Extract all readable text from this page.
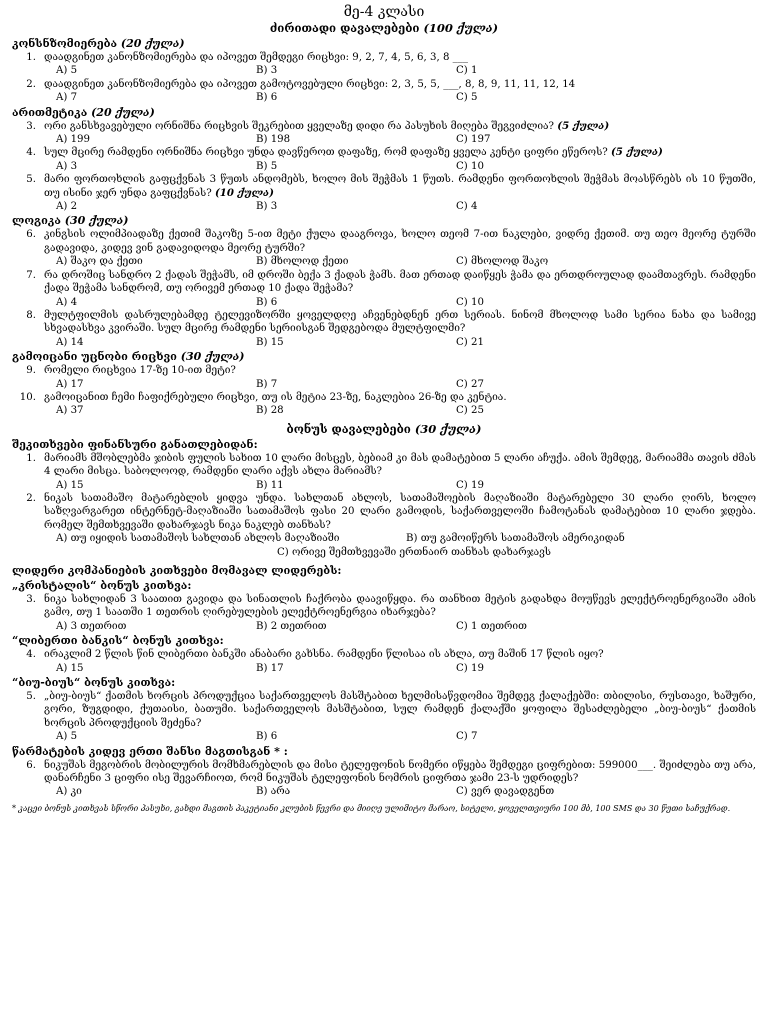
მე-4 კლასი
ძირითადი დავალებები (100 ქულა)
კონსნზომიერება (20 ქულა)
1. დაადგინეთ კანონზომიერება და იპოვეთ შემდეგი რიცხვი: 9, 2, 7, 4, 5, 6, 3, 8 ___
A) 5	B) 3	C) 1
2. დაადგინეთ კანონზომიერება და იპოვეთ გამოტოვებული რიცხვი: 2, 3, 5, 5, ___, 8, 8, 9, 11, 11, 12, 14
A) 7	B) 6	C) 5
არითმეტიკა (20 ქულა)
3. ორი განსხვავებული ორნიშნა რიცხვის შეკრებით ყველაზე დიდი რა პასუხის მიღება შეგვიძლია? (5 ქულა)
A) 199	B) 198	C) 197
4. სულ მცირე რამდენი ორნიშნა რიცხვი უნდა დავწეროთ დაფაზე, რომ დაფაზე ყველა კენტი ციფრი ეწეროს? (5 ქულა)
A) 3	B) 5	C) 10
5. მარი ფორთოხლის გაფცქვნას 3 წუთს ანდომებს, ხოლო მის შეჭმას 1 წუთს. რამდენი ფორთოხლის შეჭმას მოასწრებს ის 10 წუთში, თუ ისინი ჯერ უნდა გაფცქვნას? (10 ქულა)
A) 2	B) 3	C) 4
ლოგიკა (30 ქულა)
6. კინგსის ოლიმპიადაზე ქეთიმ შაკოზე 5-ით მეტი ქულა დააგროვა, ხოლო თეომ 7-ით ნაკლები, ვიდრე ქეთიმ. თუ თეო მეორე ტურში გადავიდა, კიდევ ვინ გადავიდოდა მეორე ტურში?
A) შაკო და ქეთი	B) მხოლოდ ქეთი	C) მხოლოდ შაკო
7. რა დროშიც სანდრო 2 ქადას შეჭამს, იმ დროში ბექა 3 ქადას ჭამს. მათ ერთად დაიწყეს ჭამა და ერთდროულად დაამთავრეს. რამდენი ქადა შეჭამა სანდრომ, თუ ორივემ ერთად 10 ქადა შეჭამა?
A) 4	B) 6	C) 10
8. მულტფილმის დასრულებამდე ტელევიზორში ყოველდღე აჩვენებდნენ ერთ სერიას. ნინომ მხოლოდ სამი სერია ნახა და სამივე სხვადასხვა კვირაში. სულ მცირე რამდენი სერიისგან შედგებოდა მულტფილმი?
A) 14	B) 15	C) 21
გამოიცანი უცნობი რიცხვი (30 ქულა)
9. რომელი რიცხვია 17-ზე 10-ით მეტი?
A) 17	B) 7	C) 27
10. გამოიცანით ჩემი ჩაფიქრებული რიცხვი, თუ ის მეტია 23-ზე, ნაკლებია 26-ზე და კენტია.
A) 37	B) 28	C) 25
ბონუს დავალებები (30 ქულა)
შეკითხვები ფინანსური განათლებიდან:
1. მარიამს მშობლებმა ჯიბის ფულის სახით 10 ლარი მისცეს, ბებიამ კი მას დამატებით 5 ლარი აჩუქა. ამის შემდეგ, მარიამმა თავის ძმას 4 ლარი მისცა. საბოლოოდ, რამდენი ლარი აქვს ახლა მარიამს?
A) 15	B) 11	C) 19
2. ნიკას სათამაშო მატარებლის ყიდვა უნდა. სახლთან ახლოს, სათამაშოების მაღაზიაში მატარებელი 30 ლარი ღირს, ხოლო საზღვარგარეთ ინტერნეტ-მაღაზიაში სათამაშოს ფასი 20 ლარი გამოდის, საქართველოში ჩამოტანას დამატებით 10 ლარი ჯდება. რომელ შემთხვევაში დახარჯავს ნიკა ნაკლებ თანხას?
A) თუ იყიდის სათამაშოს სახლთან ახლოს მაღაზიაში	B) თუ გამოიწერს სათამაშოს ამერიკიდან
C) ორივე შემთხვევაში ერთნაირ თანხას დახარჯავს
ლიდერი კომპანიების კითხვები მომავალ ლიდერებს:
„კრისტალის“ ბონუს კითხვა:
3. ნიკა სახლიდან 3 საათით გავიდა და სინათლის ჩაქრობა დაავიწყდა. რა თანხით მეტის გადახდა მოუწევს ელექტროენერგიაში ამის გამო, თუ 1 საათში 1 თეთრის ღირებულების ელექტროენერგია იხარჯება?
A) 3 თეთრით	B) 2 თეთრით	C) 1 თეთრით
“ლიბერთი ბანკის“ ბონუს კითხვა:
4. ირაკლიმ 2 წლის წინ ლიბერთი ბანკში ანაბარი გახსნა. რამდენი წლისაა ის ახლა, თუ მაშინ 17 წლის იყო?
A) 15	B) 17	C) 19
“ბიუ-ბიუს“ ბონუს კითხვა:
5. „ბიუ-ბიუს“ ქათმის ხორცის პროდუქცია საქართველოს მასშტაბით ხელმისაწვდომია შემდეგ ქალაქებში: თბილისი, რუსთავი, ხაშური, გორი, ზუგდიდი, ქუთაისი, ბათუმი. საქართველოს მასშტაბით, სულ რამდენ ქალაქში ყოფილა შესაძლებელი „ბიუ-ბიუს“ ქათმის ხორცის პროდუქციის შეძენა?
A) 5	B) 6	C) 7
წარმატების კიდევ ერთი შანსი მაგთისგან * :
6. ნიკუშას მეგობრის მობილურის მომხმარებლის და მისი ტელეფონის ნომერი იწყება შემდეგი ციფრებით: 599000___. შეიძლება თუ არა, დანარჩენი 3 ციფრი ისე შევარჩიოთ, რომ ნიკუშას ტელეფონის ნომრის ციფრთა ჯამი 23-ს უდრიდეს?
A) კი	B) არა	C) ვერ დავადგენთ
* კაცეი ბონუს კითხვას სწორი პასუხი, გახდი მაგთის პაკეტიანი კლუბის წევრი და მიიღე ულიმიტო მარაო, სიტელი, ყოველთვიური 100 მბ, 100 SMS და 30 წუთი საჩუქრად.
